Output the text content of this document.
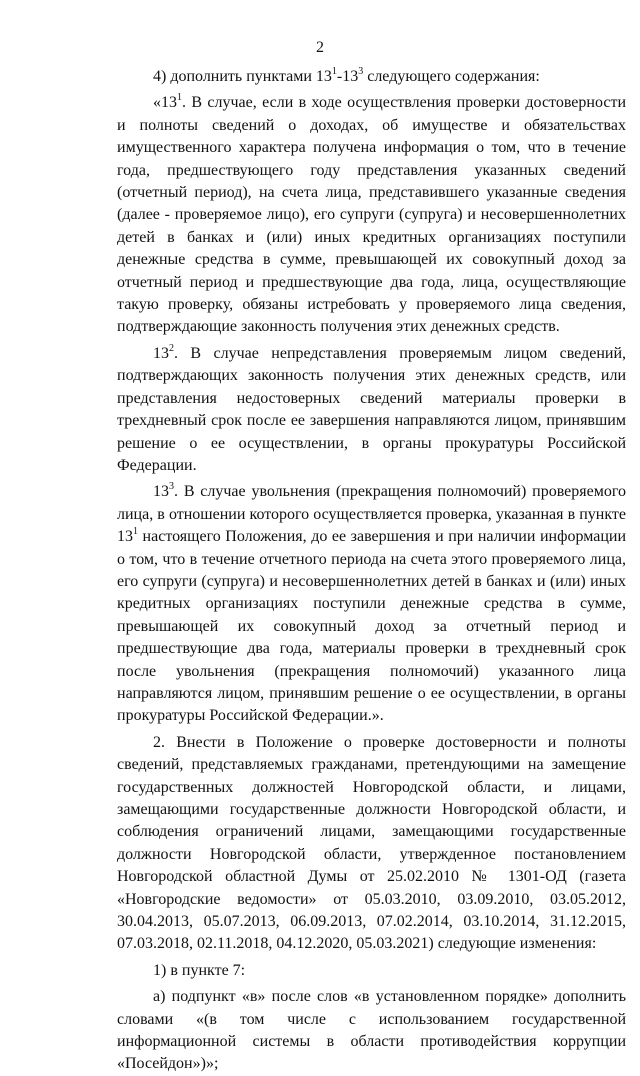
2

4) дополнить пунктами $13^1-13^3$ следующего содержания:

«$13^1$. В случае, если в ходе осуществления проверки достоверности и полноты сведений о доходах, об имуществе и обязательствах имущественного характера получена информация о том, что в течение года, предшествующего году представления указанных сведений (отчетный период), на счета лица, представившего указанные сведения (далее - проверяемое лицо), его супруги (супруга) и несовершеннолетних детей в банках и (или) иных кредитных организациях поступили денежные средства в сумме, превышающей их совокупный доход за отчетный период и предшествующие два года, лица, осуществляющие такую проверку, обязаны истребовать у проверяемого лица сведения, подтверждающие законность получения этих денежных средств.

$13^2$. В случае непредставления проверяемым лицом сведений, подтверждающих законность получения этих денежных средств, или представления недостоверных сведений материалы проверки в трехдневный срок после ее завершения направляются лицом, принявшим решение о ее осуществлении, в органы прокуратуры Российской Федерации.

$13^3$. В случае увольнения (прекращения полномочий) проверяемого лица, в отношении которого осуществляется проверка, указанная в пункте $13^1$ настоящего Положения, до ее завершения и при наличии информации о том, что в течение отчетного периода на счета этого проверяемого лица, его супруги (супруга) и несовершеннолетних детей в банках и (или) иных кредитных организациях поступили денежные средства в сумме, превышающей их совокупный доход за отчетный период и предшествующие два года, материалы проверки в трехдневный срок после увольнения (прекращения полномочий) указанного лица направляются лицом, принявшим решение о ее осуществлении, в органы прокуратуры Российской Федерации.».

2. Внести в Положение о проверке достоверности и полноты сведений, представляемых гражданами, претендующими на замещение государственных должностей Новгородской области, и лицами, замещающими государственные должности Новгородской области, и соблюдения ограничений лицами, замещающими государственные должности Новгородской области, утвержденное постановлением Новгородской областной Думы от 25.02.2010 № 1301-ОД (газета «Новгородские ведомости» от 05.03.2010, 03.09.2010, 03.05.2012, 30.04.2013, 05.07.2013, 06.09.2013, 07.02.2014, 03.10.2014, 31.12.2015, 07.03.2018, 02.11.2018, 04.12.2020, 05.03.2021) следующие изменения:

1) в пункте 7:

а) подпункт «в» после слов «в установленном порядке» дополнить словами «(в том числе с использованием государственной информационной системы в области противодействия коррупции «Посейдон»)»;
